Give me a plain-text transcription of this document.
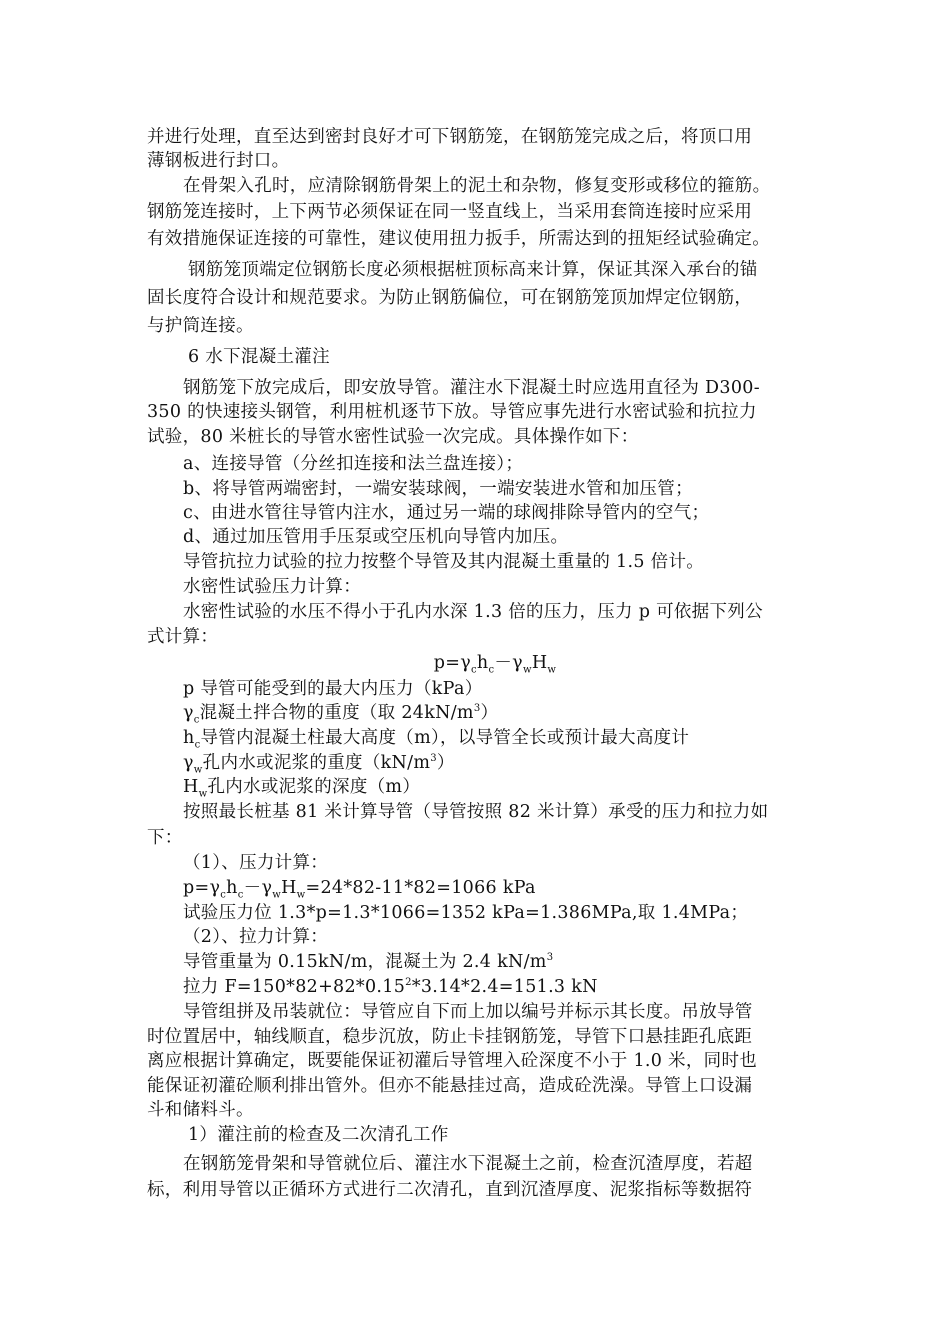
并进行处理，直至达到密封良好才可下钢筋笼，在钢筋笼完成之后，将顶口用
薄钢板进行封口。
在骨架入孔时，应清除钢筋骨架上的泥土和杂物，修复变形或移位的箍筋。
钢筋笼连接时，上下两节必须保证在同一竖直线上，当采用套筒连接时应采用
有效措施保证连接的可靠性，建议使用扭力扳手，所需达到的扭矩经试验确定。
钢筋笼顶端定位钢筋长度必须根据桩顶标高来计算，保证其深入承台的锚
固长度符合设计和规范要求。为防止钢筋偏位，可在钢筋笼顶加焊定位钢筋，
与护筒连接。
6 水下混凝土灌注
钢筋笼下放完成后，即安放导管。灌注水下混凝土时应选用直径为 D300-
350 的快速接头钢管，利用桩机逐节下放。导管应事先进行水密试验和抗拉力
试验，80 米桩长的导管水密性试验一次完成。具体操作如下：
a、连接导管（分丝扣连接和法兰盘连接）；
b、将导管两端密封，一端安装球阀，一端安装进水管和加压管；
c、由进水管往导管内注水，通过另一端的球阀排除导管内的空气；
d、通过加压管用手压泵或空压机向导管内加压。
导管抗拉力试验的拉力按整个导管及其内混凝土重量的 1.5 倍计。
水密性试验压力计算：
水密性试验的水压不得小于孔内水深 1.3 倍的压力，压力 p 可依据下列公
式计算：
$p=\gamma_ch_c-\gamma_wH_w$
p 导管可能受到的最大内压力（kPa）
$\gamma_c$混凝土拌合物的重度（取 $24kN/m^3$）
$h_c$导管内混凝土柱最大高度（m），以导管全长或预计最大高度计
$\gamma_w$孔内水或泥浆的重度$(kN/m^3)$
$H_w$孔内水或泥浆的深度（m）
按照最长桩基 81 米计算导管（导管按照 82 米计算）承受的压力和拉力如
下：
（1）、压力计算：
$p=\gamma_ch_c-\gamma_wH_w=24*82-11*82=1066$ kPa
试验压力位 1.3*p=1.3*1066=1352 kPa=1.386MPa,取 1.4MPa；
（2）、拉力计算：
导管重量为 0.15kN/m，混凝土为 2.4 $kN/m^3$
拉力 $F=150*82+82*0.15^2*3.14*2.4=151.3$ kN
导管组拼及吊装就位：导管应自下而上加以编号并标示其长度。吊放导管
时位置居中，轴线顺直，稳步沉放，防止卡挂钢筋笼，导管下口悬挂距孔底距
离应根据计算确定，既要能保证初灌后导管埋入砼深度不小于 1.0 米，同时也
能保证初灌砼顺利排出管外。但亦不能悬挂过高，造成砼洗澡。导管上口设漏
斗和储料斗。
1）灌注前的检查及二次清孔工作
在钢筋笼骨架和导管就位后、灌注水下混凝土之前，检查沉渣厚度，若超
标，利用导管以正循环方式进行二次清孔，直到沉渣厚度、泥浆指标等数据符
